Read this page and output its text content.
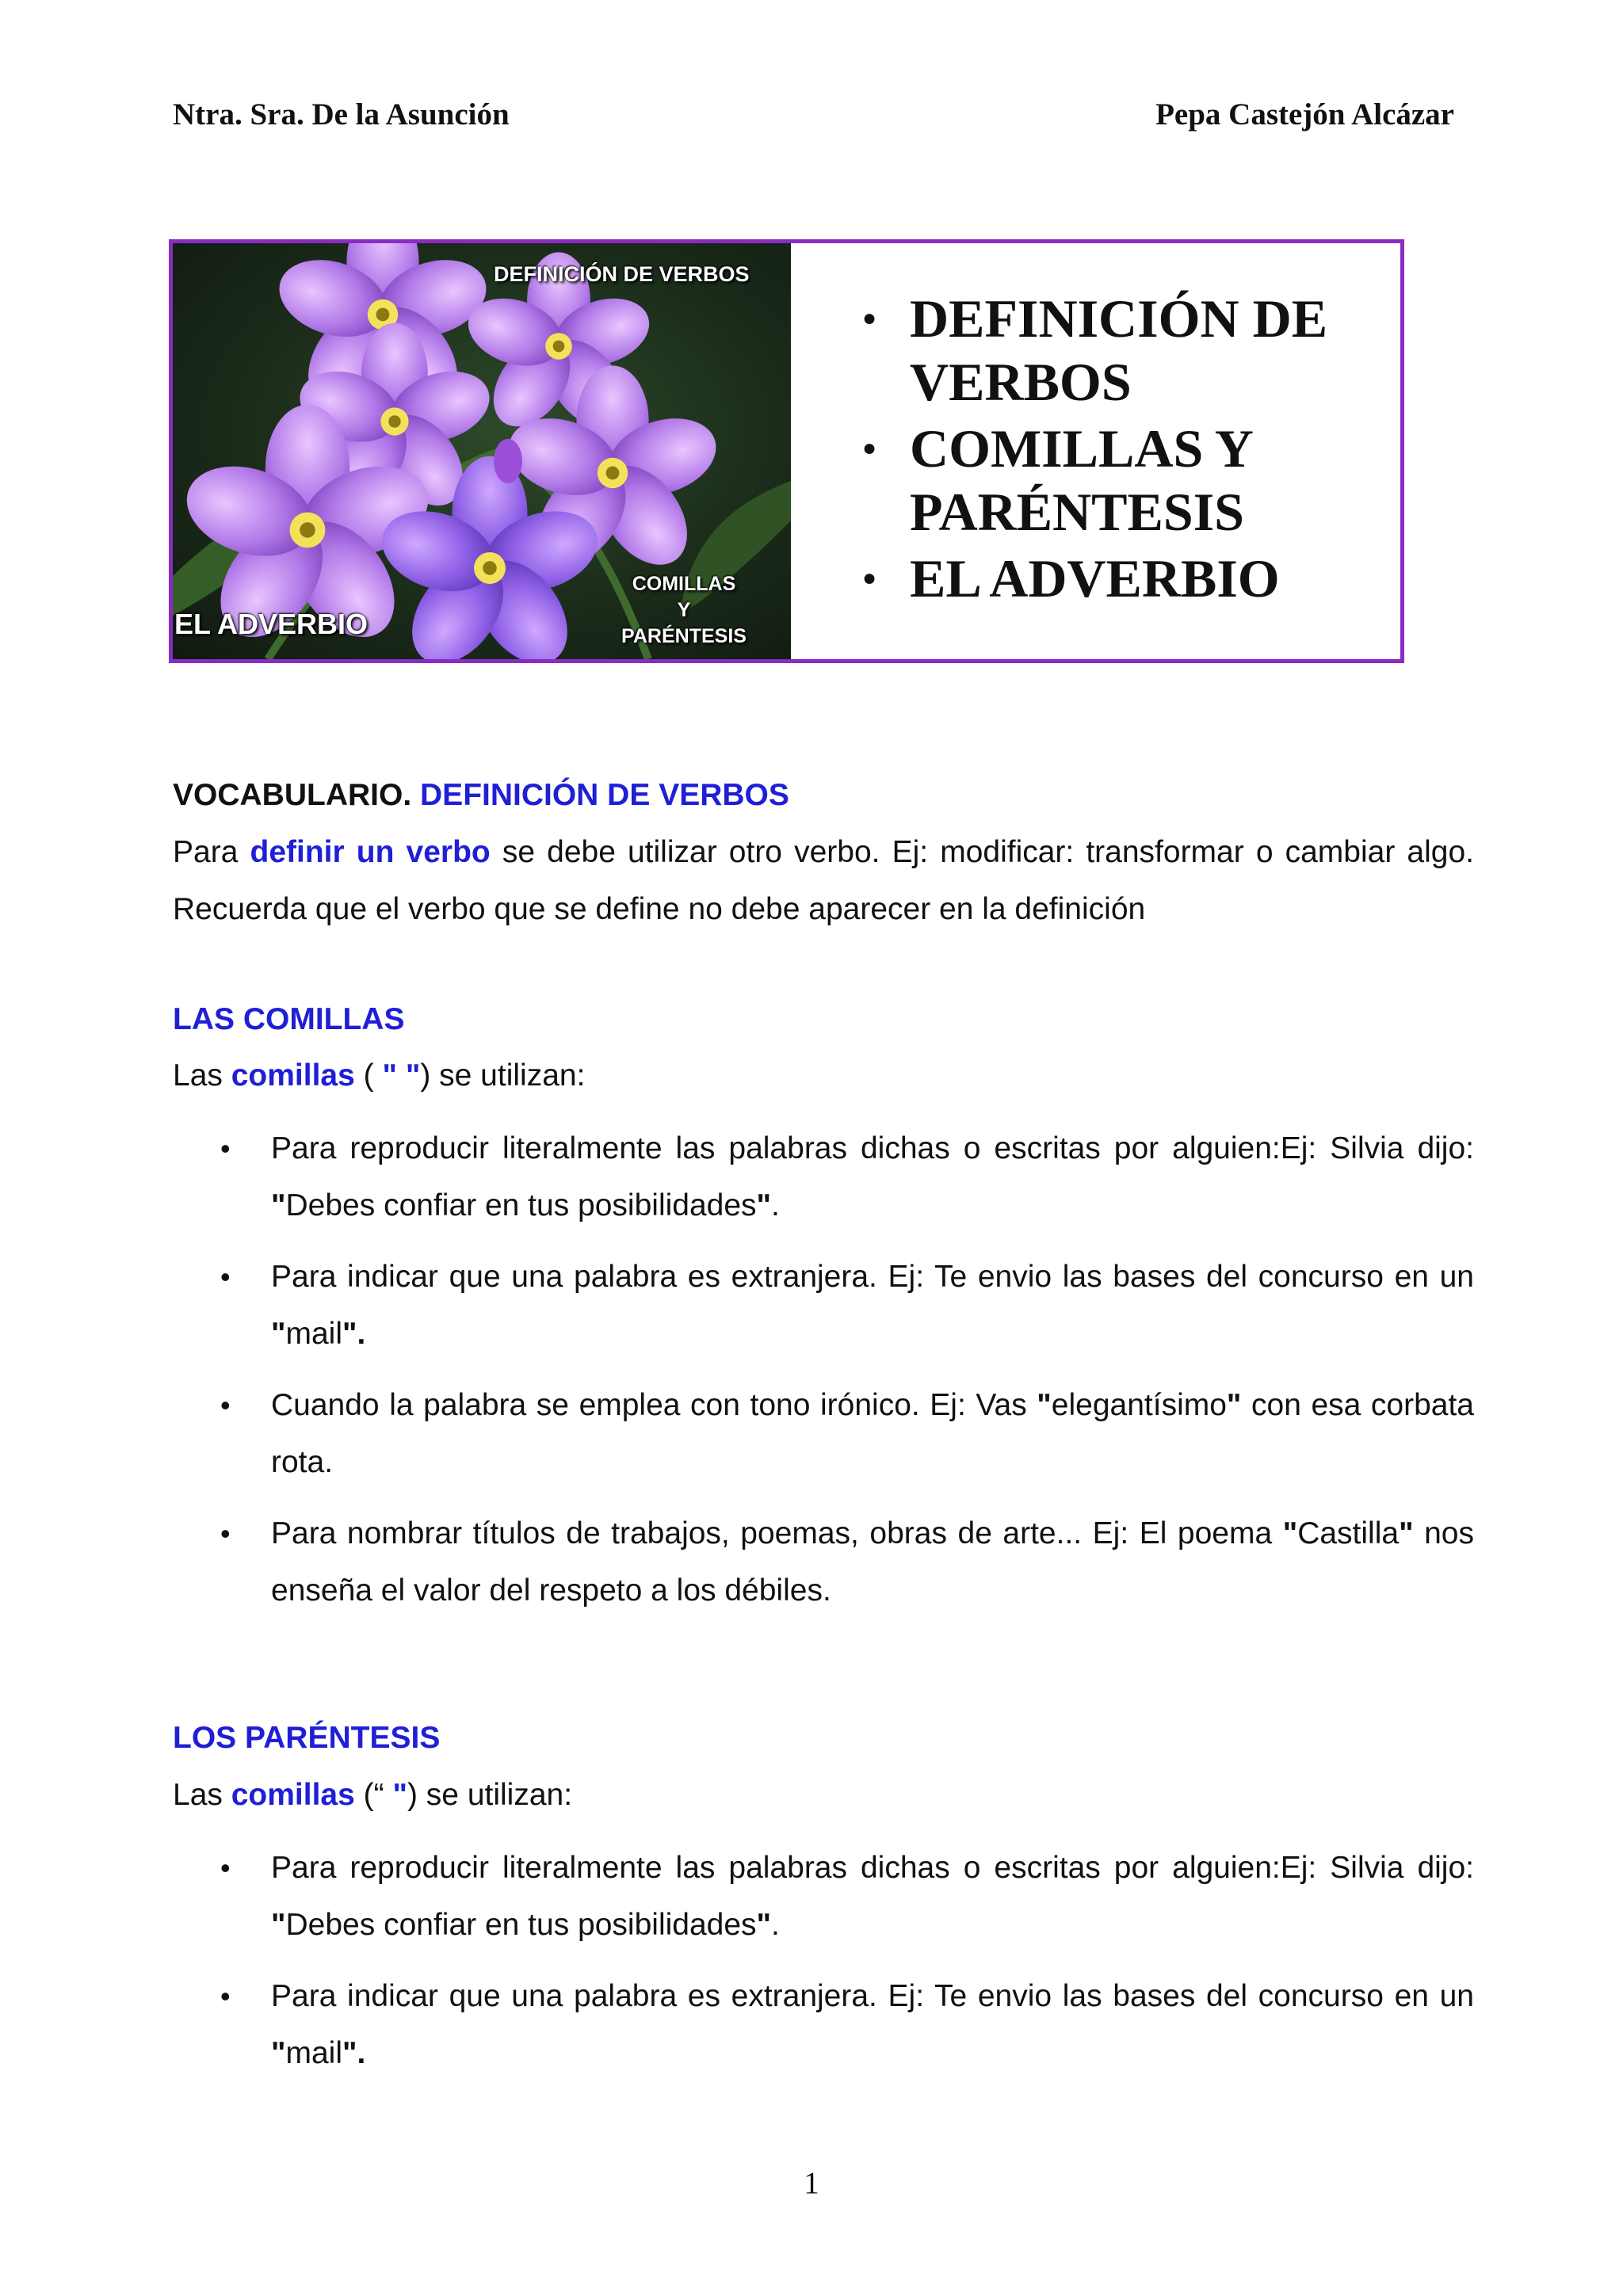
Ntra. Sra. De la Asunción	Pepa Castejón Alcázar
DEFINICIÓN DE VERBOS
EL ADVERBIO
COMILLAS
Y
PARÉNTESIS
● DEFINICIÓN DE VERBOS
● COMILLAS Y PARÉNTESIS
● EL ADVERBIO
VOCABULARIO. DEFINICIÓN DE VERBOS

Para definir un verbo se debe utilizar otro verbo. Ej: modificar: transformar o cambiar algo. Recuerda que el verbo que se define no debe aparecer en la definición

LAS COMILLAS

Las comillas ( " ") se utilizan:

• Para reproducir literalmente las palabras dichas o escritas por alguien:Ej: Silvia dijo: "Debes confiar en tus posibilidades".
• Para indicar que una palabra es extranjera. Ej: Te envio las bases del concurso en un "mail".
• Cuando la palabra se emplea con tono irónico. Ej: Vas "elegantísimo" con esa corbata rota.
• Para nombrar títulos de trabajos, poemas, obras de arte... Ej: El poema "Castilla" nos enseña el valor del respeto a los débiles.
LOS PARÉNTESIS

Las comillas (“ ") se utilizan:

• Para reproducir literalmente las palabras dichas o escritas por alguien:Ej: Silvia dijo: "Debes confiar en tus posibilidades".
• Para indicar que una palabra es extranjera. Ej: Te envio las bases del concurso en un "mail".
1
